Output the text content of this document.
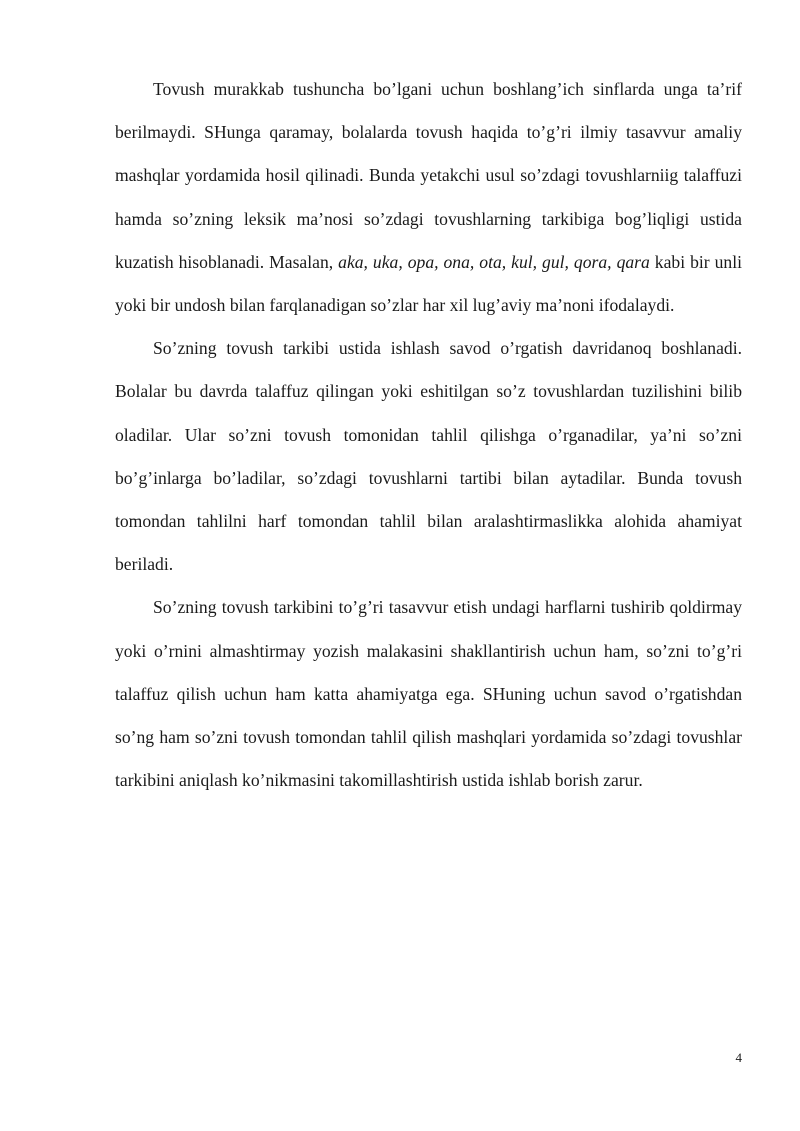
Tovush murakkab tushuncha bo’lgani uchun boshlang’ich sinflarda unga ta’rif berilmaydi. SHunga qaramay, bolalarda tovush haqida to’g’ri ilmiy tasavvur amaliy mashqlar yordamida hosil qilinadi. Bunda yetakchi usul so’zdagi tovushlarniig talaffuzi hamda so’zning leksik ma’nosi so’zdagi tovushlarning tarkibiga bog’liqligi ustida kuzatish hisoblanadi. Masalan, aka, uka, opa, ona, ota, kul, gul, qora, qara kabi bir unli yoki bir undosh bilan farqlanadigan so’zlar har xil lug’aviy ma’noni ifodalaydi.

So’zning tovush tarkibi ustida ishlash savod o’rgatish davridanoq boshlanadi. Bolalar bu davrda talaffuz qilingan yoki eshitilgan so’z tovushlardan tuzilishini bilib oladilar. Ular so’zni tovush tomonidan tahlil qilishga o’rganadilar, ya’ni so’zni bo’g’inlarga bo’ladilar, so’zdagi tovushlarni tartibi bilan aytadilar. Bunda tovush tomondan tahlilni harf tomondan tahlil bilan aralashtirmaslikka alohida ahamiyat beriladi.

So’zning tovush tarkibini to’g’ri tasavvur etish undagi harflarni tushirib qoldirmay yoki o’rnini almashtirmay yozish malakasini shakllantirish uchun ham, so’zni to’g’ri talaffuz qilish uchun ham katta ahamiyatga ega. SHuning uchun savod o’rgatishdan so’ng ham so’zni tovush tomondan tahlil qilish mashqlari yordamida so’zdagi tovushlar tarkibini aniqlash ko’nikmasini takomillashtirish ustida ishlab borish zarur.

4
